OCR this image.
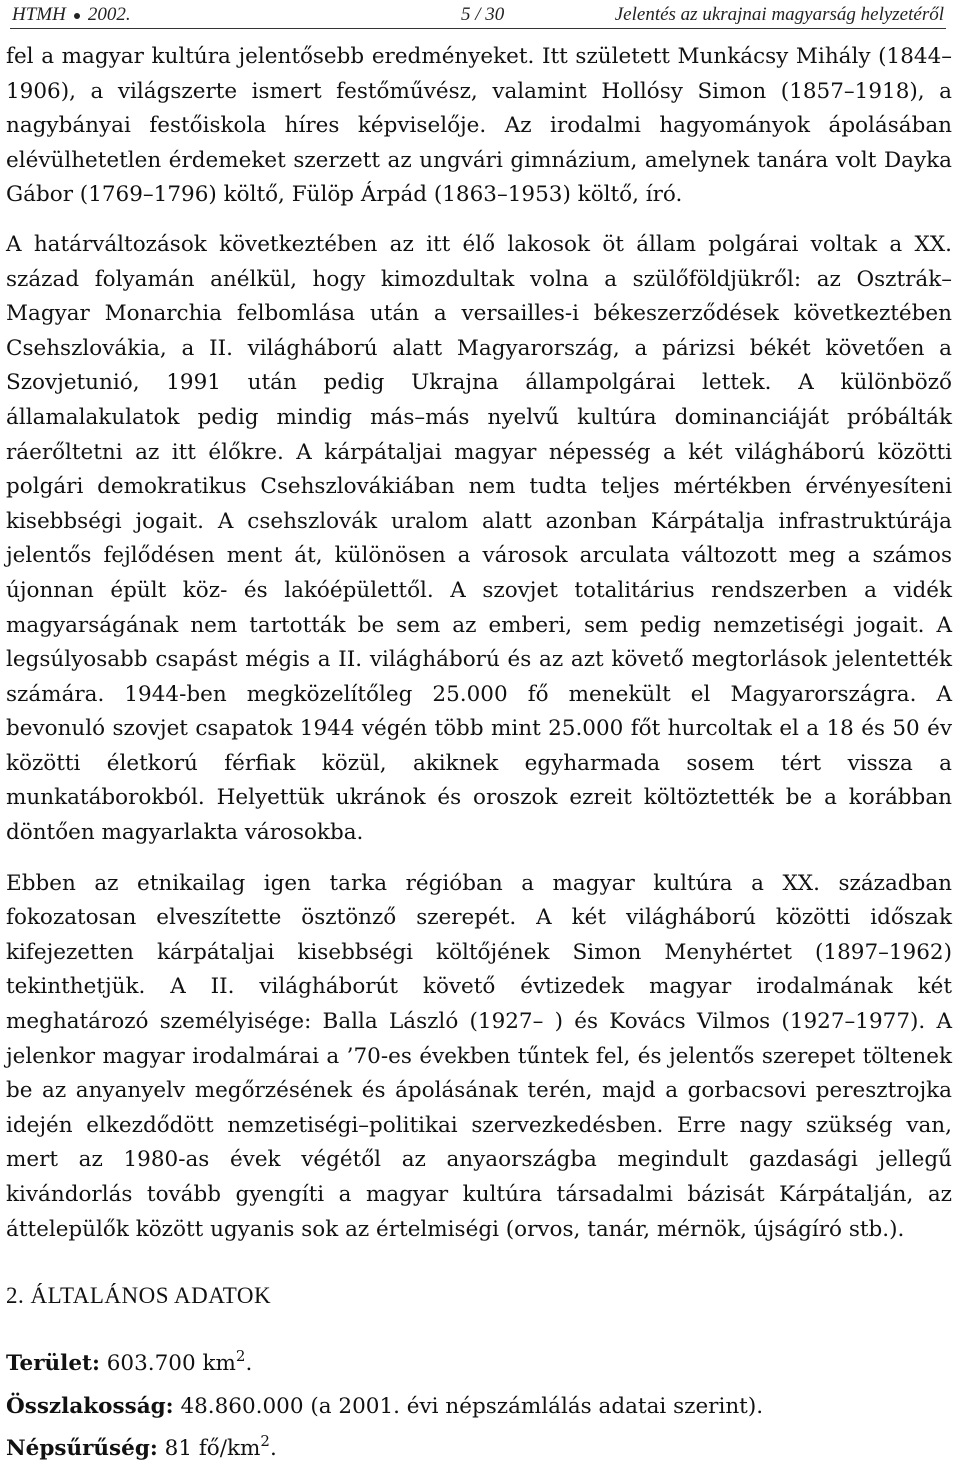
HTMH 2002.	5 / 30	Jelentés az ukrajnai magyarság helyzetéről

fel a magyar kultúra jelentősebb eredményeket. Itt született Munkácsy Mihály (1844–1906), a világszerte ismert festőművész, valamint Hollósy Simon (1857–1918), a nagybányai festőiskola híres képviselője. Az irodalmi hagyományok ápolásában elévülhetetlen érdemeket szerzett az ungvári gimnázium, amelynek tanára volt Dayka Gábor (1769–1796) költő, Fülöp Árpád (1863–1953) költő, író.

A határváltozások következtében az itt élő lakosok öt állam polgárai voltak a XX. század folyamán anélkül, hogy kimozdultak volna a szülőföldjükről: az Osztrák–Magyar Monarchia felbomlása után a versailles-i békeszerződések következtében Csehszlovákia, a II. világháború alatt Magyarország, a párizsi békét követően a Szovjetunió, 1991 után pedig Ukrajna állampolgárai lettek. A különböző államalakulatok pedig mindig más–más nyelvű kultúra dominanciáját próbálták ráerőltetni az itt élőkre. A kárpátaljai magyar népesség a két világháború közötti polgári demokratikus Csehszlovákiában nem tudta teljes mértékben érvényesíteni kisebbségi jogait. A csehszlovák uralom alatt azonban Kárpátalja infrastruktúrája jelentős fejlődésen ment át, különösen a városok arculata változott meg a számos újonnan épült köz- és lakóépülettől. A szovjet totalitárius rendszerben a vidék magyarságának nem tartották be sem az emberi, sem pedig nemzetiségi jogait. A legsúlyosabb csapást mégis a II. világháború és az azt követő megtorlások jelentették számára. 1944-ben megközelítőleg 25.000 fő menekült el Magyarországra. A bevonuló szovjet csapatok 1944 végén több mint 25.000 főt hurcoltak el a 18 és 50 év közötti életkorú férfiak közül, akiknek egyharmada sosem tért vissza a munkatáborokból. Helyettük ukránok és oroszok ezreit költöztették be a korábban döntően magyarlakta városokba.

Ebben az etnikailag igen tarka régióban a magyar kultúra a XX. században fokozatosan elveszítette ösztönző szerepét. A két világháború közötti időszak kifejezetten kárpátaljai kisebbségi költőjének Simon Menyhértet (1897–1962) tekinthetjük. A II. világháborút követő évtizedek magyar irodalmának két meghatározó személyisége: Balla László (1927– ) és Kovács Vilmos (1927–1977). A jelenkor magyar irodalmárai a ’70-es években tűntek fel, és jelentős szerepet töltenek be az anyanyelv megőrzésének és ápolásának terén, majd a gorbacsovi peresztrojka idején elkezdődött nemzetiségi–politikai szervezkedésben. Erre nagy szükség van, mert az 1980-as évek végétől az anyaországba megindult gazdasági jellegű kivándorlás tovább gyengíti a magyar kultúra társadalmi bázisát Kárpátalján, az áttelepülők között ugyanis sok az értelmiségi (orvos, tanár, mérnök, újságíró stb.).

2. ÁLTALÁNOS ADATOK

Terület: 603.700 $km^2$.

Összlakosság: 48.860.000 (a 2001. évi népszámlálás adatai szerint).

Népsűrűség: 81 $fő/km^2$.
